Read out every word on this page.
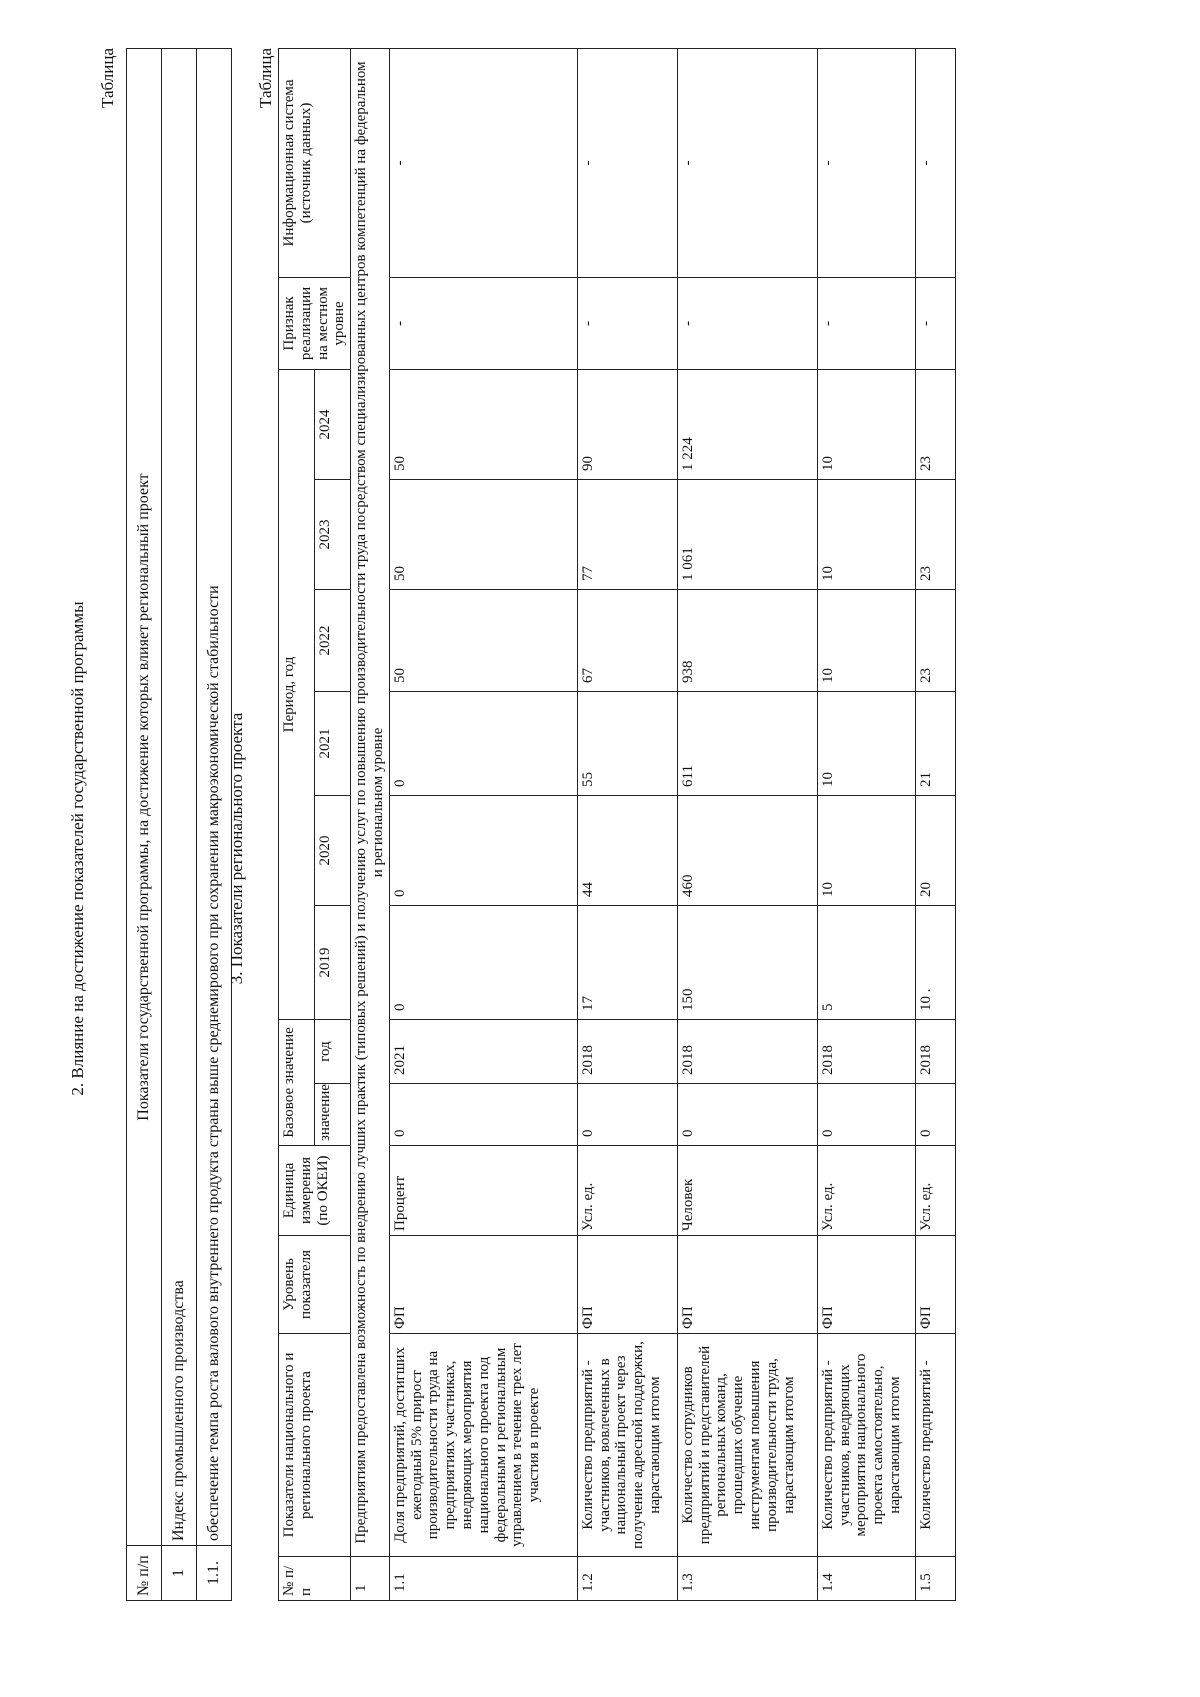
2. Влияние на достижение показателей государственной программы
Таблица
№ п/п	Показатели государственной программы, на достижение которых влияет региональный проект
1	Индекс промышленного производства
1.1.	обеспечение темпа роста валового внутреннего продукта страны выше среднемирового при сохранении макроэкономической стабильности 3. Показатели регионального проекта
Таблица
№ п/п	Показатели национального и регионального проекта	Уровень показателя	Единица измерения (по ОКЕИ)	Базовое значение		Период, год						Признак реализации на местном уровне	Информационная система (источник данных)
				значение	год	2019	2020	2021	2022	2023	2024		
1	Предприятиям предоставлена возможность по внедрению лучших практик (типовых решений) и получению услуг по повышению производительности труда посредством специализированных центров компетенций на федеральном и региональном уровне												
1.1	Доля предприятий, достигших ежегодный 5% прирост производительности труда на предприятиях участниках, внедряющих мероприятия национального проекта под федеральным и региональным управлением в течение трех лет участия в проекте	ФП	Процент	0	2021	0	0	0	50	50	50	-	-
1.2	Количество предприятий - участников, вовлеченных в национальный проект через получение адресной поддержки, нарастающим итогом	ФП	Усл. ед.	0	2018	17	44	55	67	77	90	-	-
1.3	Количество сотрудников предприятий и представителей региональных команд, прошедших обучение инструментам повышения производительности труда, нарастающим итогом	ФП	Человек	0	2018	150	460	611	938	1 061	1 224	-	-
1.4	Количество предприятий - участников, внедряющих мероприятия национального проекта самостоятельно, нарастающим итогом	ФП	Усл. ед.	0	2018	5	10	10	10	10	10	-	-
1.5	Количество предприятий -	ФП	Усл. ед.	0	2018	10 .	20	21	23	23	23	-	-
